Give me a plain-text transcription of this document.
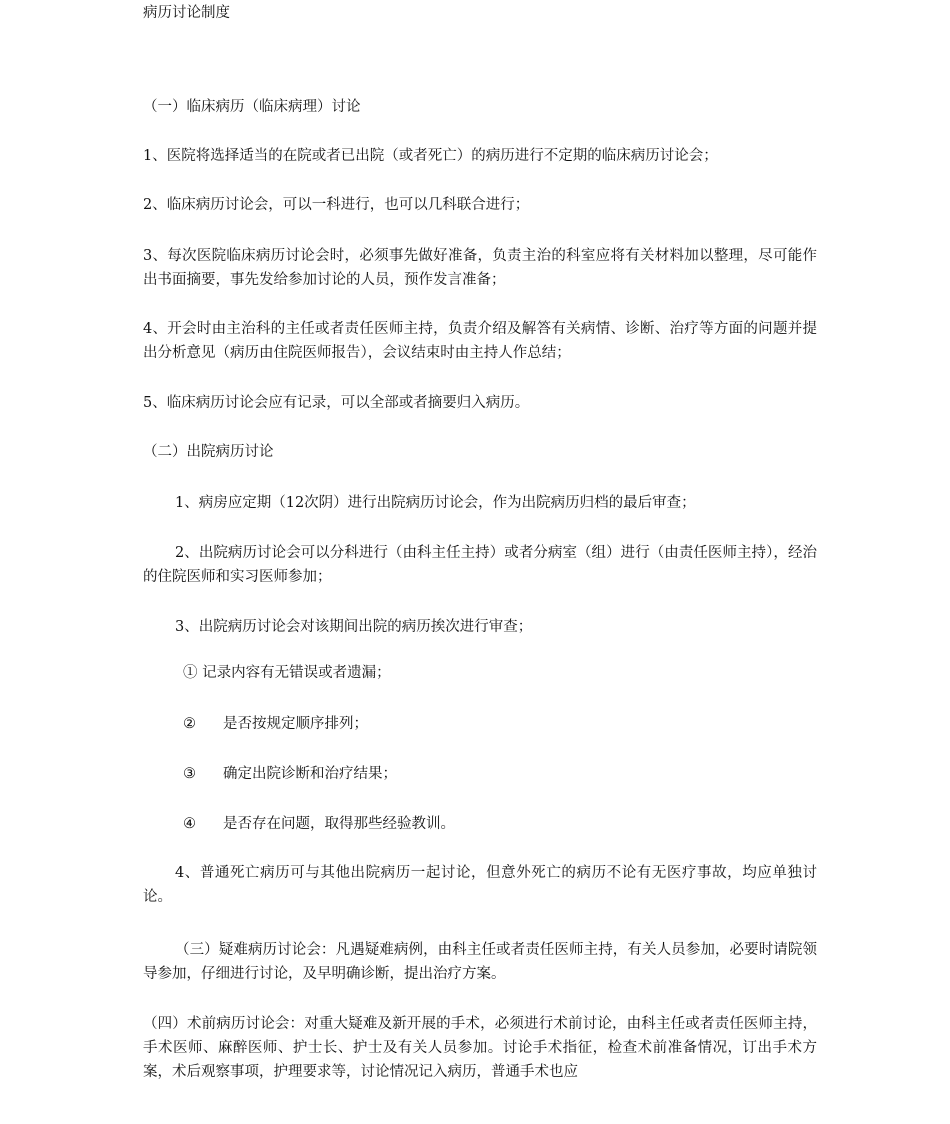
病历讨论制度

（一）临床病历（临床病理）讨论

1、医院将选择适当的在院或者已出院（或者死亡）的病历进行不定期的临床病历讨论会；

2、临床病历讨论会，可以一科进行，也可以几科联合进行；

3、每次医院临床病历讨论会时，必须事先做好准备，负责主治的科室应将有关材料加以整理，尽可能作出书面摘要，事先发给参加讨论的人员，预作发言准备；

4、开会时由主治科的主任或者责任医师主持，负责介绍及解答有关病情、诊断、治疗等方面的问题并提出分析意见（病历由住院医师报告），会议结束时由主持人作总结；

5、临床病历讨论会应有记录，可以全部或者摘要归入病历。

（二）出院病历讨论

1、病房应定期（12次阴）进行出院病历讨论会，作为出院病历归档的最后审查；

2、出院病历讨论会可以分科进行（由科主任主持）或者分病室（组）进行（由责任医师主持），经治的住院医师和实习医师参加；

3、出院病历讨论会对该期间出院的病历挨次进行审查；

① 记录内容有无错误或者遗漏；
② 是否按规定顺序排列；
③ 确定出院诊断和治疗结果；
④ 是否存在问题，取得那些经验教训。

4、普通死亡病历可与其他出院病历一起讨论，但意外死亡的病历不论有无医疗事故，均应单独讨论。

（三）疑难病历讨论会：凡遇疑难病例，由科主任或者责任医师主持，有关人员参加，必要时请院领导参加，仔细进行讨论，及早明确诊断，提出治疗方案。

（四）术前病历讨论会：对重大疑难及新开展的手术，必须进行术前讨论，由科主任或者责任医师主持，手术医师、麻醉医师、护士长、护士及有关人员参加。讨论手术指征，检查术前准备情况，订出手术方案，术后观察事项，护理要求等，讨论情况记入病历，普通手术也应
